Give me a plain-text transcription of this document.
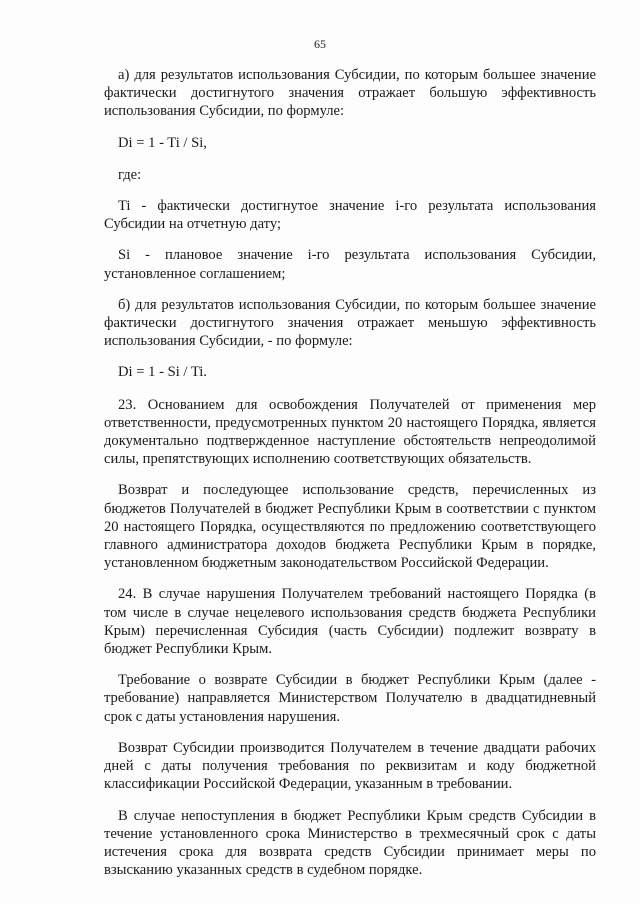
65

а) для результатов использования Субсидии, по которым большее значение фактически достигнутого значения отражает большую эффективность использования Субсидии, по формуле:

Di = 1 - Ti / Si,

где:

Ti - фактически достигнутое значение i-го результата использования Субсидии на отчетную дату;

Si - плановое значение i-го результата использования Субсидии, установленное соглашением;

б) для результатов использования Субсидии, по которым большее значение фактически достигнутого значения отражает меньшую эффективность использования Субсидии, - по формуле:

Di = 1 - Si / Ti.

23. Основанием для освобождения Получателей от применения мер ответственности, предусмотренных пунктом 20 настоящего Порядка, является документально подтвержденное наступление обстоятельств непреодолимой силы, препятствующих исполнению соответствующих обязательств.

Возврат и последующее использование средств, перечисленных из бюджетов Получателей в бюджет Республики Крым в соответствии с пунктом 20 настоящего Порядка, осуществляются по предложению соответствующего главного администратора доходов бюджета Республики Крым в порядке, установленном бюджетным законодательством Российской Федерации.

24. В случае нарушения Получателем требований настоящего Порядка (в том числе в случае нецелевого использования средств бюджета Республики Крым) перечисленная Субсидия (часть Субсидии) подлежит возврату в бюджет Республики Крым.

Требование о возврате Субсидии в бюджет Республики Крым (далее - требование) направляется Министерством Получателю в двадцатидневный срок с даты установления нарушения.

Возврат Субсидии производится Получателем в течение двадцати рабочих дней с даты получения требования по реквизитам и коду бюджетной классификации Российской Федерации, указанным в требовании.

В случае непоступления в бюджет Республики Крым средств Субсидии в течение установленного срока Министерство в трехмесячный срок с даты истечения срока для возврата средств Субсидии принимает меры по взысканию указанных средств в судебном порядке.
